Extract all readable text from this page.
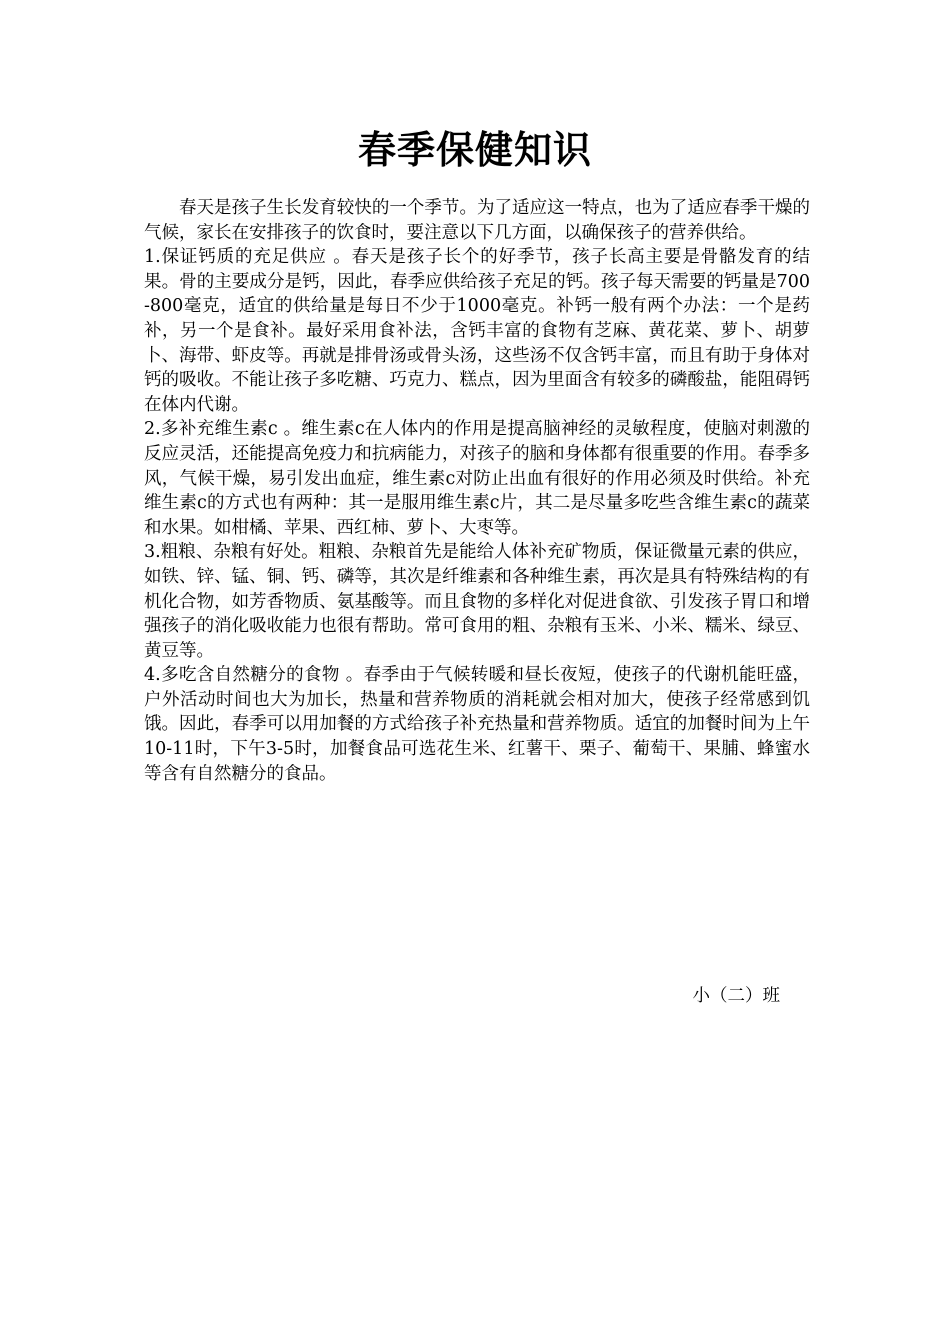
春季保健知识

春天是孩子生长发育较快的一个季节。为了适应这一特点，也为了适应春季干燥的气候，家长在安排孩子的饮食时，要注意以下几方面，以确保孩子的营养供给。

1.保证钙质的充足供应 。春天是孩子长个的好季节，孩子长高主要是骨骼发育的结果。骨的主要成分是钙，因此，春季应供给孩子充足的钙。孩子每天需要的钙量是700-800毫克，适宜的供给量是每日不少于1000毫克。补钙一般有两个办法：一个是药补，另一个是食补。最好采用食补法，含钙丰富的食物有芝麻、黄花菜、萝卜、胡萝卜、海带、虾皮等。再就是排骨汤或骨头汤，这些汤不仅含钙丰富，而且有助于身体对钙的吸收。不能让孩子多吃糖、巧克力、糕点，因为里面含有较多的磷酸盐，能阻碍钙在体内代谢。

2.多补充维生素c 。维生素c在人体内的作用是提高脑神经的灵敏程度，使脑对刺激的反应灵活，还能提高免疫力和抗病能力，对孩子的脑和身体都有很重要的作用。春季多风，气候干燥，易引发出血症，维生素c对防止出血有很好的作用必须及时供给。补充维生素c的方式也有两种：其一是服用维生素c片，其二是尽量多吃些含维生素c的蔬菜和水果。如柑橘、苹果、西红柿、萝卜、大枣等。

3.粗粮、杂粮有好处。粗粮、杂粮首先是能给人体补充矿物质，保证微量元素的供应，如铁、锌、锰、铜、钙、磷等，其次是纤维素和各种维生素，再次是具有特殊结构的有机化合物，如芳香物质、氨基酸等。而且食物的多样化对促进食欲、引发孩子胃口和增强孩子的消化吸收能力也很有帮助。常可食用的粗、杂粮有玉米、小米、糯米、绿豆、黄豆等。

4.多吃含自然糖分的食物 。春季由于气候转暖和昼长夜短，使孩子的代谢机能旺盛，户外活动时间也大为加长，热量和营养物质的消耗就会相对加大，使孩子经常感到饥饿。因此，春季可以用加餐的方式给孩子补充热量和营养物质。适宜的加餐时间为上午10-11时，下午3-5时，加餐食品可选花生米、红薯干、栗子、葡萄干、果脯、蜂蜜水等含有自然糖分的食品。

小（二）班
